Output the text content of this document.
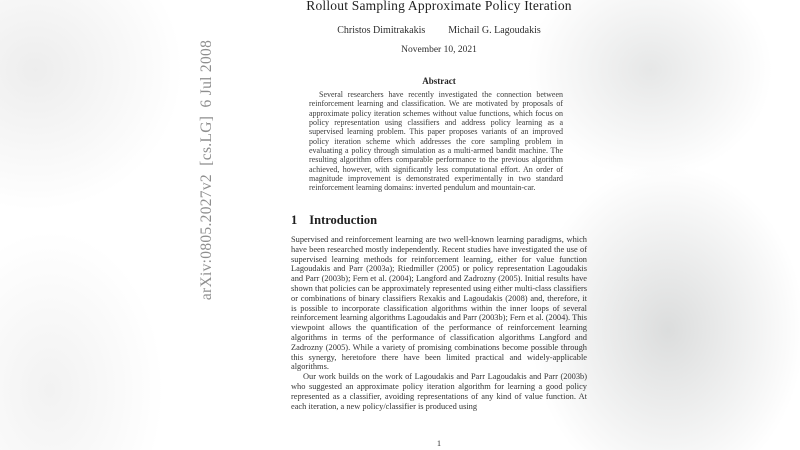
arXiv:0805.2027v2  [cs.LG]  6 Jul 2008
Rollout Sampling Approximate Policy Iteration
Christos Dimitrakakis Michail G. Lagoudakis
November 10, 2021
Abstract

Several researchers have recently investigated the connection between reinforcement learning and classification. We are motivated by proposals of approximate policy iteration schemes without value functions, which focus on policy representation using classifiers and address policy learning as a supervised learning problem. This paper proposes variants of an improved policy iteration scheme which addresses the core sampling problem in evaluating a policy through simulation as a multi-armed bandit machine. The resulting algorithm offers comparable performance to the previous algorithm achieved, however, with significantly less computational effort. An order of magnitude improvement is demonstrated experimentally in two standard reinforcement learning domains: inverted pendulum and mountain-car.

1 Introduction

Supervised and reinforcement learning are two well-known learning paradigms, which have been researched mostly independently. Recent studies have investigated the use of supervised learning methods for reinforcement learning, either for value function Lagoudakis and Parr (2003a); Riedmiller (2005) or policy representation Lagoudakis and Parr (2003b); Fern et al. (2004); Langford and Zadrozny (2005). Initial results have shown that policies can be approximately represented using either multi-class classifiers or combinations of binary classifiers Rexakis and Lagoudakis (2008) and, therefore, it is possible to incorporate classification algorithms within the inner loops of several reinforcement learning algorithms Lagoudakis and Parr (2003b); Fern et al. (2004). This viewpoint allows the quantification of the performance of reinforcement learning algorithms in terms of the performance of classification algorithms Langford and Zadrozny (2005). While a variety of promising combinations become possible through this synergy, heretofore there have been limited practical and widely-applicable algorithms.

Our work builds on the work of Lagoudakis and Parr Lagoudakis and Parr (2003b) who suggested an approximate policy iteration algorithm for learning a good policy represented as a classifier, avoiding representations of any kind of value function. At each iteration, a new policy/classifier is produced using

1
